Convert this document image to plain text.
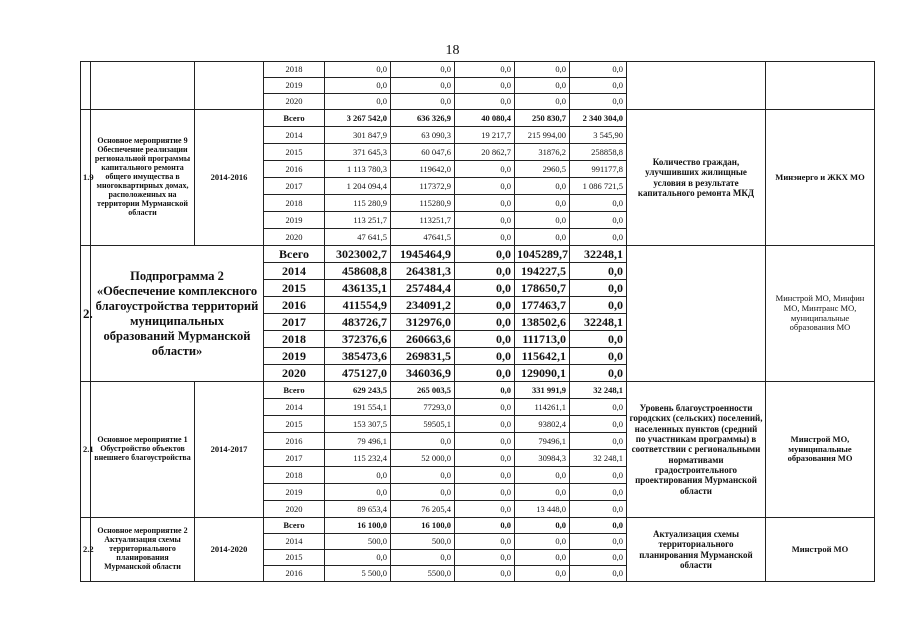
18
			2018	0,0	0,0	0,0	0,0	0,0		
			2019	0,0	0,0	0,0	0,0	0,0		
			2020	0,0	0,0	0,0	0,0	0,0		
1.9	Основное мероприятие 9 Обеспечение реализации региональной программы капитального ремонта общего имущества в многоквартирных домах, расположенных на территории Мурманской области	2014-2016	Всего	3 267 542,0	636 326,9	40 080,4	250 830,7	2 340 304,0	Количество граждан, улучшивших жилищные условия в результате капитального ремонта МКД	Минэнерго и ЖКХ МО
			2014	301 847,9	63 090,3	19 217,7	215 994,00	3 545,90		
			2015	371 645,3	60 047,6	20 862,7	31876,2	258858,8		
			2016	1 113 780,3	119642,0	0,0	2960,5	991177,8		
			2017	1 204 094,4	117372,9	0,0	0,0	1 086 721,5		
			2018	115 280,9	115280,9	0,0	0,0	0,0		
			2019	113 251,7	113251,7	0,0	0,0	0,0		
			2020	47 641,5	47641,5	0,0	0,0	0,0		
2.	Подпрограмма 2 «Обеспечение комплексного благоустройства территорий муниципальных образований Мурманской области»		Всего	3023002,7	1945464,9	0,0	1045289,7	32248,1		Минстрой МО, Минфин МО, Минтранс МО, муниципальные образования МО
			2014	458608,8	264381,3	0,0	194227,5	0,0		
			2015	436135,1	257484,4	0,0	178650,7	0,0		
			2016	411554,9	234091,2	0,0	177463,7	0,0		
			2017	483726,7	312976,0	0,0	138502,6	32248,1		
			2018	372376,6	260663,6	0,0	111713,0	0,0		
			2019	385473,6	269831,5	0,0	115642,1	0,0		
			2020	475127,0	346036,9	0,0	129090,1	0,0		
2.1	Основное мероприятие 1 Обустройство объектов внешнего благоустройства	2014-2017	Всего	629 243,5	265 003,5	0,0	331 991,9	32 248,1	Уровень благоустроенности городских (сельских) поселений, населенных пунктов (средний по участникам программы) в соответствии с региональными нормативами градостроительного проектирования Мурманской области	Минстрой МО, муниципальные образования МО
			2014	191 554,1	77293,0	0,0	114261,1	0,0		
			2015	153 307,5	59505,1	0,0	93802,4	0,0		
			2016	79 496,1	0,0	0,0	79496,1	0,0		
			2017	115 232,4	52 000,0	0,0	30984,3	32 248,1		
			2018	0,0	0,0	0,0	0,0	0,0		
			2019	0,0	0,0	0,0	0,0	0,0		
			2020	89 653,4	76 205,4	0,0	13 448,0	0,0		
2.2	Основное мероприятие 2 Актуализация схемы территориального планирования Мурманской области	2014-2020	Всего	16 100,0	16 100,0	0,0	0,0	0,0	Актуализация схемы территориального планирования Мурманской области	Минстрой МО
			2014	500,0	500,0	0,0	0,0	0,0		
			2015	0,0	0,0	0,0	0,0	0,0		
			2016	5 500,0	5500,0	0,0	0,0	0,0		
